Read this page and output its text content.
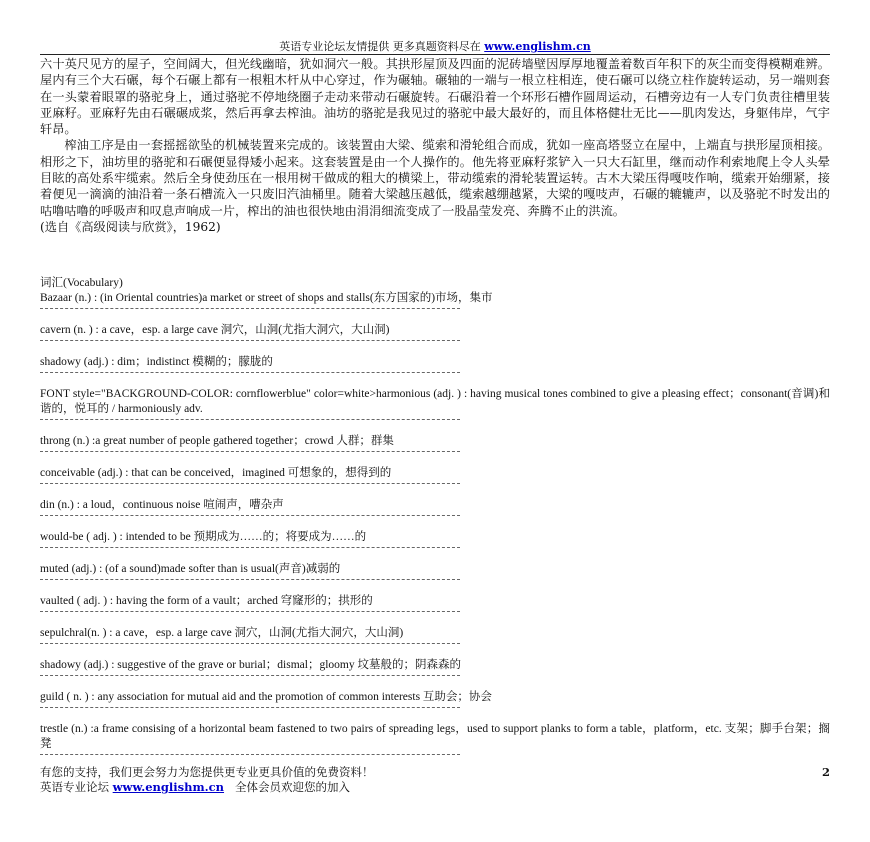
英语专业论坛友情提供 更多真题资料尽在 www.englishm.cn

六十英尺见方的屋子，空间阔大，但光线幽暗，犹如洞穴一般。其拱形屋顶及四面的泥砖墙壁因厚厚地覆盖着数百年积下的灰尘而变得模糊难辨。屋内有三个大石碾，每个石碾上都有一根粗木杆从中心穿过，作为碾轴。碾轴的一端与一根立柱相连，使石碾可以绕立柱作旋转运动，另一端则套在一头蒙着眼罩的骆驼身上，通过骆驼不停地绕圈子走动来带动石碾旋转。石碾沿着一个环形石槽作圆周运动，石槽旁边有一人专门负责往槽里装亚麻籽。亚麻籽先由石碾碾成浆，然后再拿去榨油。油坊的骆驼是我见过的骆驼中最大最好的，而且体格健壮无比——肌肉发达，身躯伟岸，气宇轩昂。

榨油工序是由一套摇摇欲坠的机械装置来完成的。该装置由大梁、缆索和滑轮组合而成，犹如一座高塔竖立在屋中，上端直与拱形屋顶相接。相形之下，油坊里的骆驼和石碾便显得矮小起来。这套装置是由一个人操作的。他先将亚麻籽浆铲入一只大石缸里，继而动作利索地爬上令人头晕目眩的高处系牢缆索。然后全身使劲压在一根用树干做成的粗大的横梁上，带动缆索的滑轮装置运转。古木大梁压得嘎吱作响，缆索开始绷紧，接着便见一滴滴的油沿着一条石槽流入一只废旧汽油桶里。随着大梁越压越低，缆索越绷越紧，大梁的嘎吱声，石碾的辘辘声，以及骆驼不时发出的咕噜咕噜的呼吸声和叹息声响成一片，榨出的油也很快地由涓涓细流变成了一股晶莹发亮、奔腾不止的洪流。

(选自《高级阅读与欣赏》，1962)

词汇(Vocabulary)
Bazaar (n.) : (in Oriental countries)a market or street of shops and stalls(东方国家的)市场，集市
cavern (n. ) : a cave，esp. a large cave 洞穴，山洞(尤指大洞穴，大山洞)
shadowy (adj.) : dim；indistinct 模糊的；朦胧的
FONT style="BACKGROUND-COLOR: cornflowerblue" color=white>harmonious (adj. ) : having musical tones combined to give a pleasing effect；consonant(音调)和谐的，悦耳的 / harmoniously adv.
throng (n.) :a great number of people gathered together；crowd 人群；群集
conceivable (adj.) : that can be conceived，imagined 可想象的，想得到的
din (n.) : a loud，continuous noise 喧闹声，嘈杂声
would-be ( adj. ) : intended to be 预期成为……的；将要成为……的
muted (adj.) : (of a sound)made softer than is usual(声音)减弱的
vaulted ( adj. ) : having the form of a vault；arched 穹窿形的；拱形的
sepulchral(n. ) : a cave，esp. a large cave 洞穴，山洞(尤指大洞穴，大山洞)
shadowy (adj.) : suggestive of the grave or burial；dismal；gloomy 坟墓般的；阴森森的
guild ( n. ) : any association for mutual aid and the promotion of common interests 互助会；协会
trestle (n.) :a frame consising of a horizontal beam fastened to two pairs of spreading legs，used to support planks to form a table，platform，etc. 支架；脚手台架；搁凳
有您的支持，我们更会努力为您提供更专业更具价值的免费资料！
英语专业论坛 www.englishm.cn 全体会员欢迎您的加入
2
